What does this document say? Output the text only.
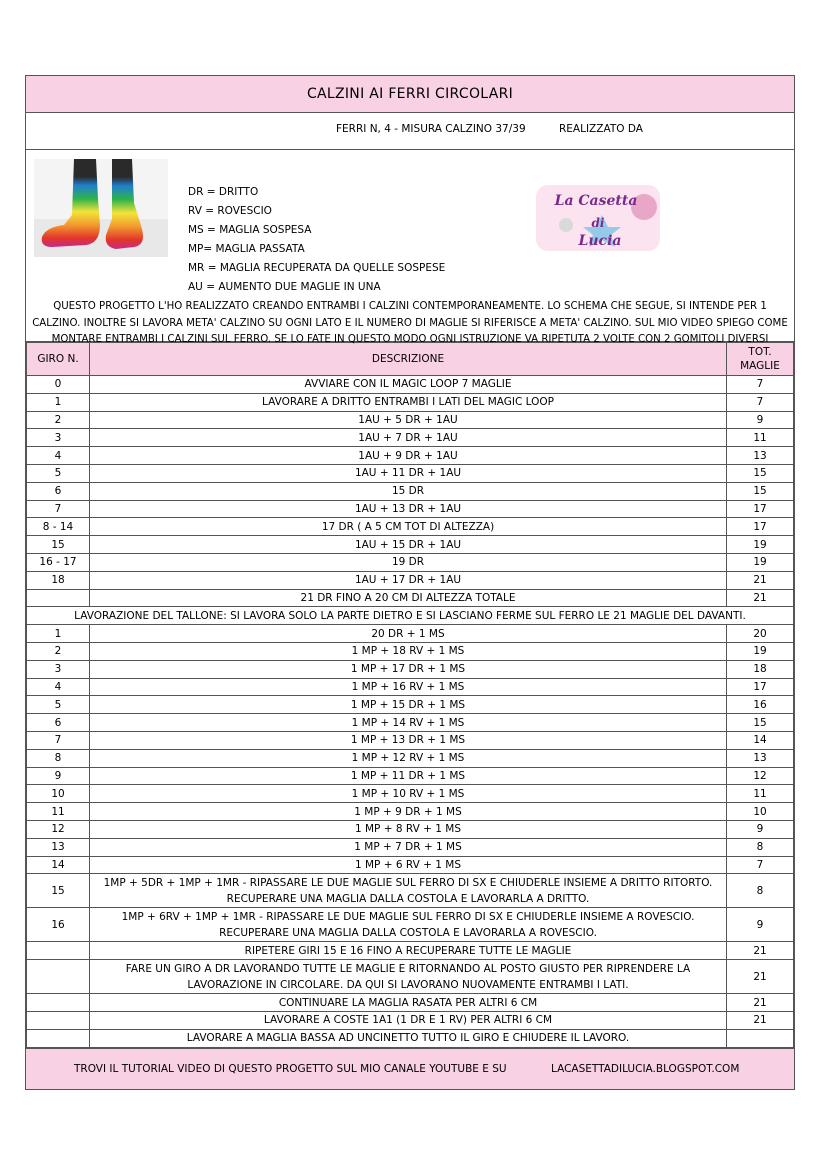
CALZINI AI FERRI CIRCOLARI
FERRI N, 4 - MISURA CALZINO 37/39	REALIZZATO DA
DR = DRITTO
RV = ROVESCIO
MS = MAGLIA SOSPESA
MP= MAGLIA PASSATA
MR = MAGLIA RECUPERATA DA QUELLE SOSPESE
AU = AUMENTO DUE MAGLIE IN UNA
La Casetta
di
Lucia
QUESTO PROGETTO L'HO REALIZZATO CREANDO ENTRAMBI I CALZINI CONTEMPORANEAMENTE. LO SCHEMA CHE SEGUE, SI INTENDE PER 1 CALZINO. INOLTRE SI LAVORA META' CALZINO SU OGNI LATO E IL NUMERO DI MAGLIE SI RIFERISCE A META' CALZINO. SUL MIO VIDEO SPIEGO COME MONTARE ENTRAMBI I CALZINI SUL FERRO. SE LO FATE IN QUESTO MODO OGNI ISTRUZIONE VA RIPETUTA 2 VOLTE CON 2 GOMITOLI DIVERSI
GIRO N.	DESCRIZIONE	TOT.
MAGLIE
0	AVVIARE CON IL MAGIC LOOP 7 MAGLIE	7
1	LAVORARE A DRITTO ENTRAMBI I LATI DEL MAGIC LOOP	7
2	1AU + 5 DR + 1AU	9
3	1AU + 7 DR + 1AU	11
4	1AU + 9 DR + 1AU	13
5	1AU + 11 DR + 1AU	15
6	15 DR	15
7	1AU + 13 DR + 1AU	17
8 - 14	17 DR ( A 5 CM TOT DI ALTEZZA)	17
15	1AU + 15 DR + 1AU	19
16 - 17	19 DR	19
18	1AU + 17 DR + 1AU	21
	21 DR FINO A 20 CM DI ALTEZZA TOTALE	21
LAVORAZIONE DEL TALLONE: SI LAVORA SOLO LA PARTE DIETRO E SI LASCIANO FERME SUL FERRO LE 21 MAGLIE DEL DAVANTI.		
1	20 DR + 1 MS	20
2	1 MP + 18 RV + 1 MS	19
3	1 MP + 17 DR + 1 MS	18
4	1 MP + 16 RV + 1 MS	17
5	1 MP + 15 DR + 1 MS	16
6	1 MP + 14 RV + 1 MS	15
7	1 MP + 13 DR + 1 MS	14
8	1 MP + 12 RV + 1 MS	13
9	1 MP + 11 DR + 1 MS	12
10	1 MP + 10 RV + 1 MS	11
11	1 MP + 9 DR + 1 MS	10
12	1 MP + 8 RV + 1 MS	9
13	1 MP + 7 DR + 1 MS	8
14	1 MP + 6 RV + 1 MS	7
15	1MP + 5DR + 1MP + 1MR - RIPASSARE LE DUE MAGLIE SUL FERRO DI SX E CHIUDERLE INSIEME A DRITTO RITORTO.
RECUPERARE UNA MAGLIA DALLA COSTOLA E LAVORARLA A DRITTO.	8
16	1MP + 6RV + 1MP + 1MR - RIPASSARE LE DUE MAGLIE SUL FERRO DI SX E CHIUDERLE INSIEME A ROVESCIO.
RECUPERARE UNA MAGLIA DALLA COSTOLA E LAVORARLA A ROVESCIO.	9
	RIPETERE GIRI 15 E 16 FINO A RECUPERARE TUTTE LE MAGLIE	21
	FARE UN GIRO A DR LAVORANDO TUTTE LE MAGLIE E RITORNANDO AL POSTO GIUSTO PER RIPRENDERE LA
LAVORAZIONE IN CIRCOLARE. DA QUI SI LAVORANO NUOVAMENTE ENTRAMBI I LATI.	21
	CONTINUARE LA MAGLIA RASATA PER ALTRI 6 CM	21
	LAVORARE A COSTE 1A1 (1 DR E 1 RV) PER ALTRI 6 CM	21
	LAVORARE A MAGLIA BASSA AD UNCINETTO TUTTO IL GIRO E CHIUDERE IL LAVORO.	
TROVI IL TUTORIAL VIDEO DI QUESTO PROGETTO SUL MIO CANALE YOUTUBE E SU	LACASETTADILUCIA.BLOGSPOT.COM
